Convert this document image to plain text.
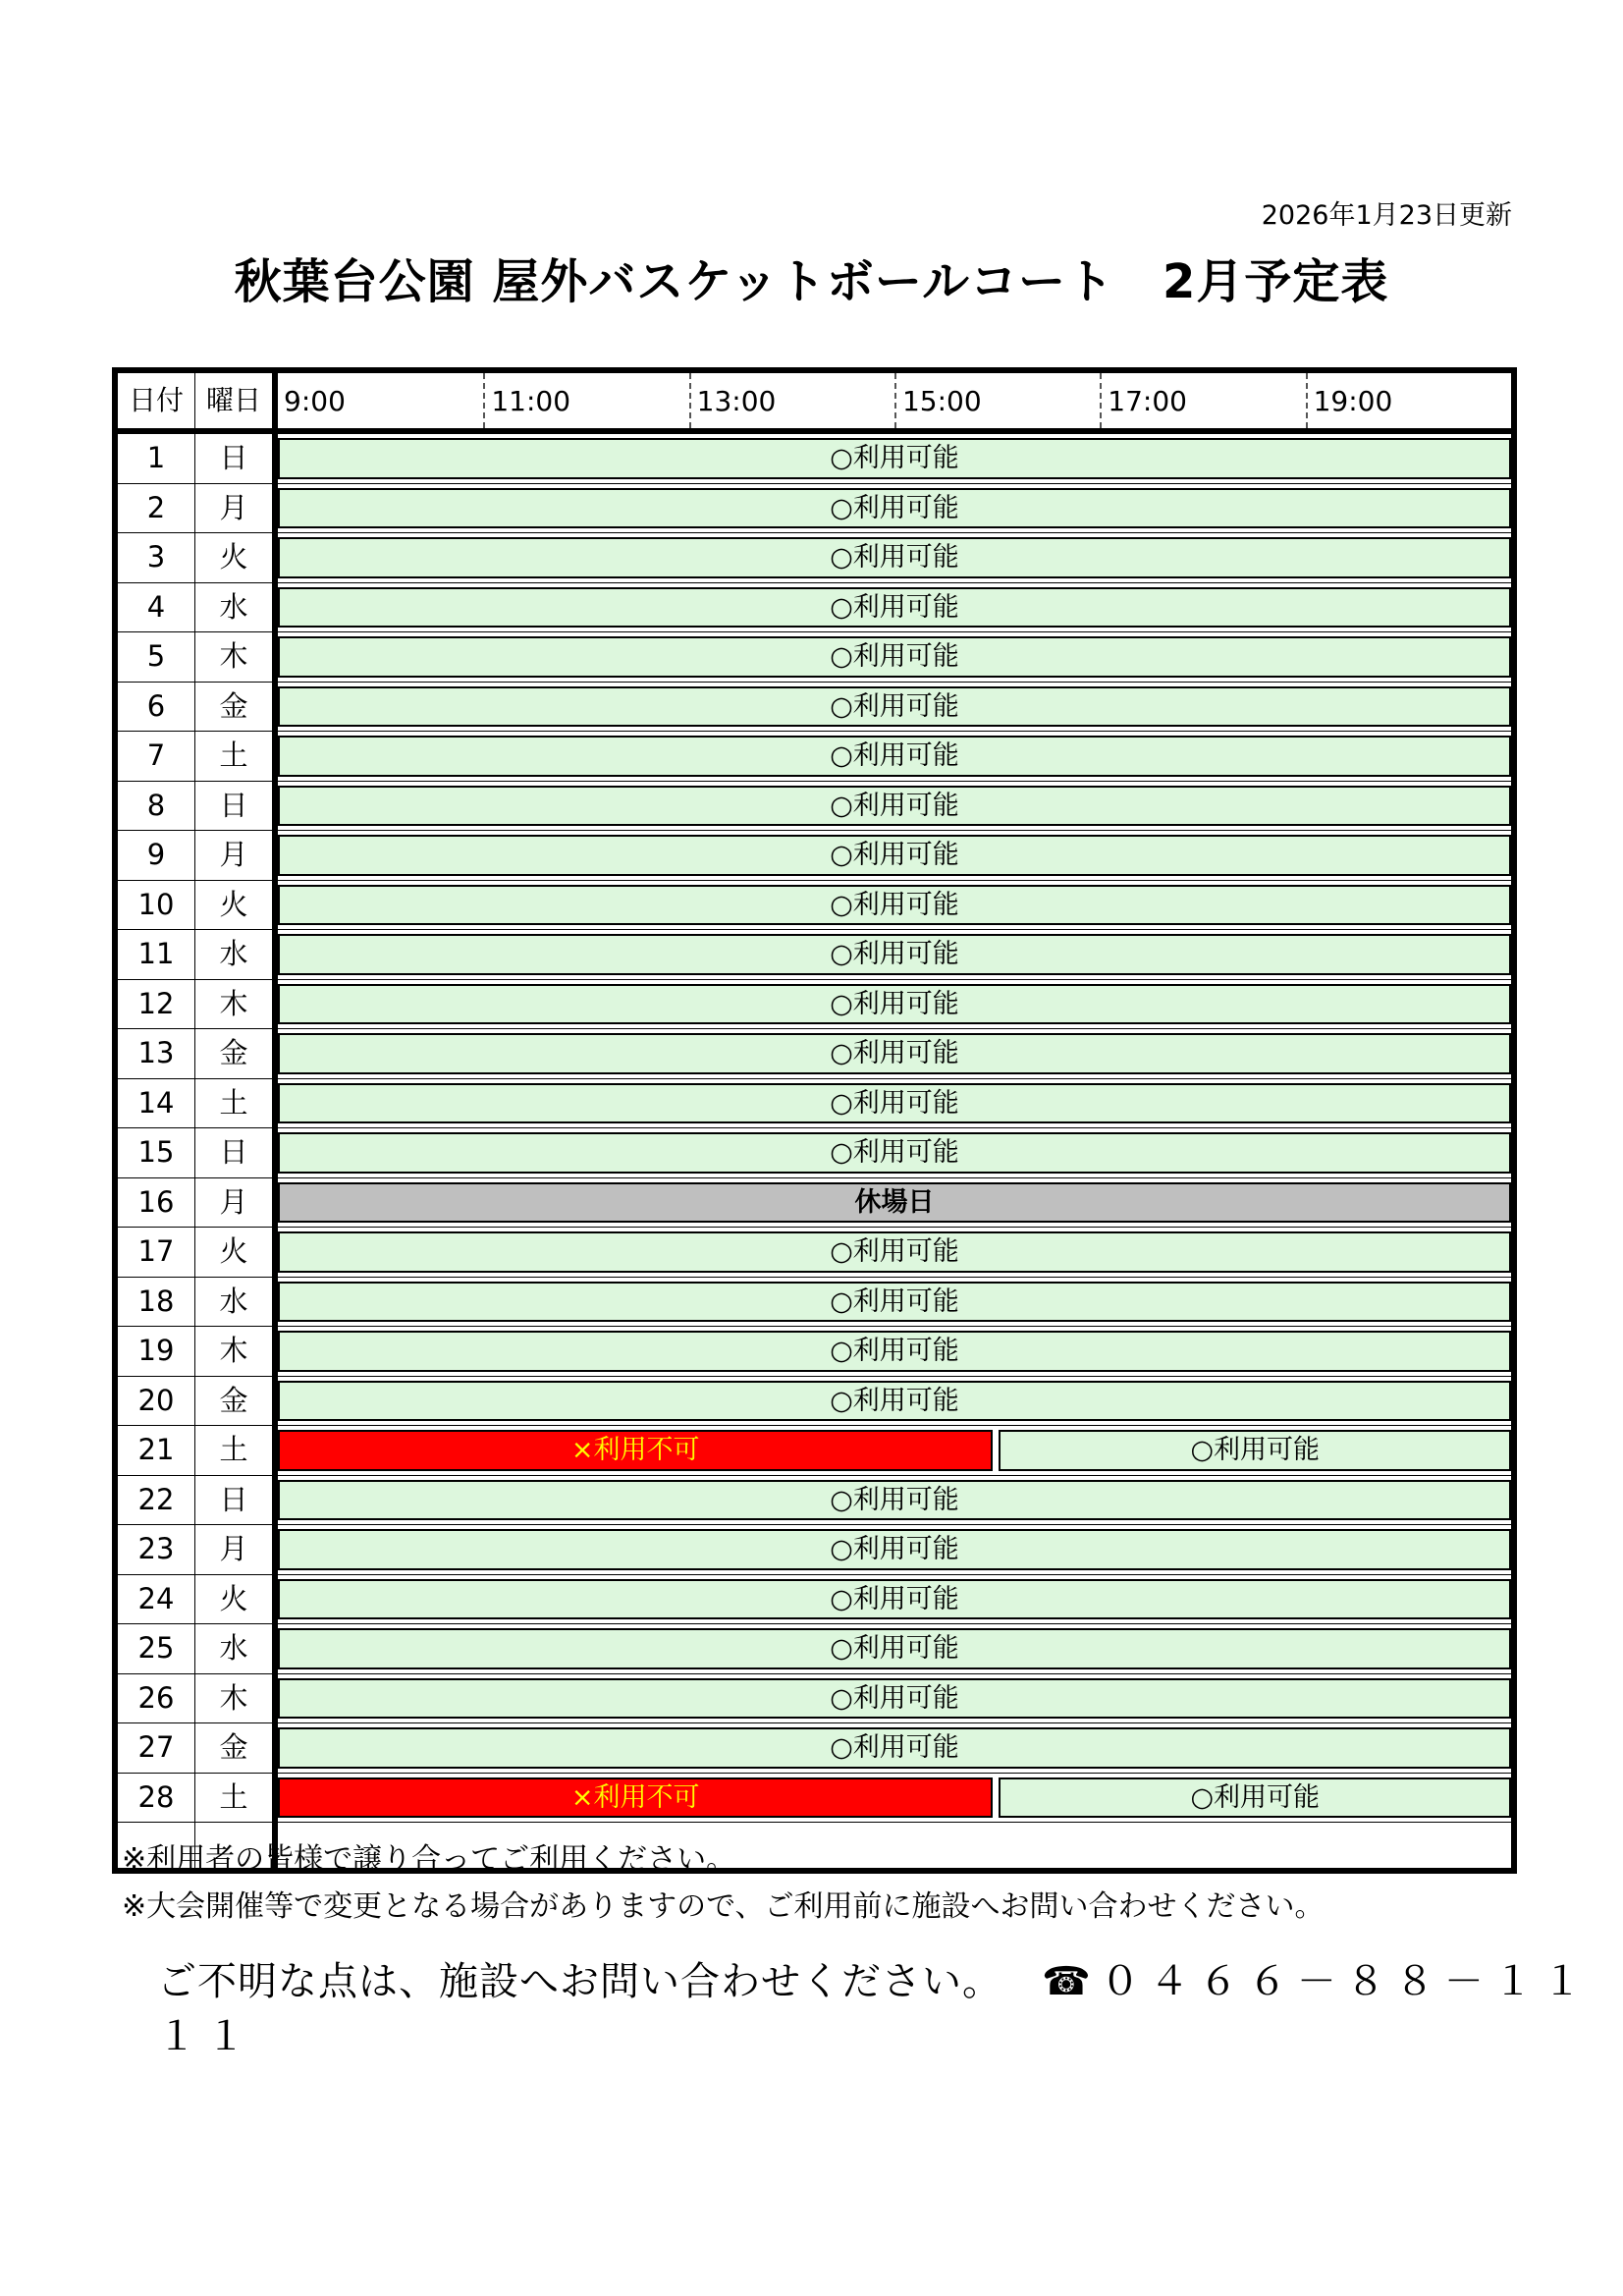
2026年1月23日更新
秋葉台公園 屋外バスケットボールコート　2月予定表
日付 曜日 9:00	11:00	13:00	15:00	17:00	19:00
1	日	○利用可能
2	月	○利用可能
3	火	○利用可能
4	水	○利用可能
5	木	○利用可能
6	金	○利用可能
7	土	○利用可能
8	日	○利用可能
9	月	○利用可能
10	火	○利用可能
11	水	○利用可能
12	木	○利用可能
13	金	○利用可能
14	土	○利用可能
15	日	○利用可能
16	月	休場日
17	火	○利用可能
18	水	○利用可能
19	木	○利用可能
20	金	○利用可能
21	土	×利用不可	○利用可能
22	日	○利用可能
23	月	○利用可能
24	火	○利用可能
25	水	○利用可能
26	木	○利用可能
27	金	○利用可能
28	土	×利用不可	○利用可能
※利用者の皆様で譲り合ってご利用ください。
※大会開催等で変更となる場合がありますので、ご利用前に施設へお問い合わせください。
ご不明な点は、施設へお問い合わせください。 ☎０４６６－８８－１１１１
